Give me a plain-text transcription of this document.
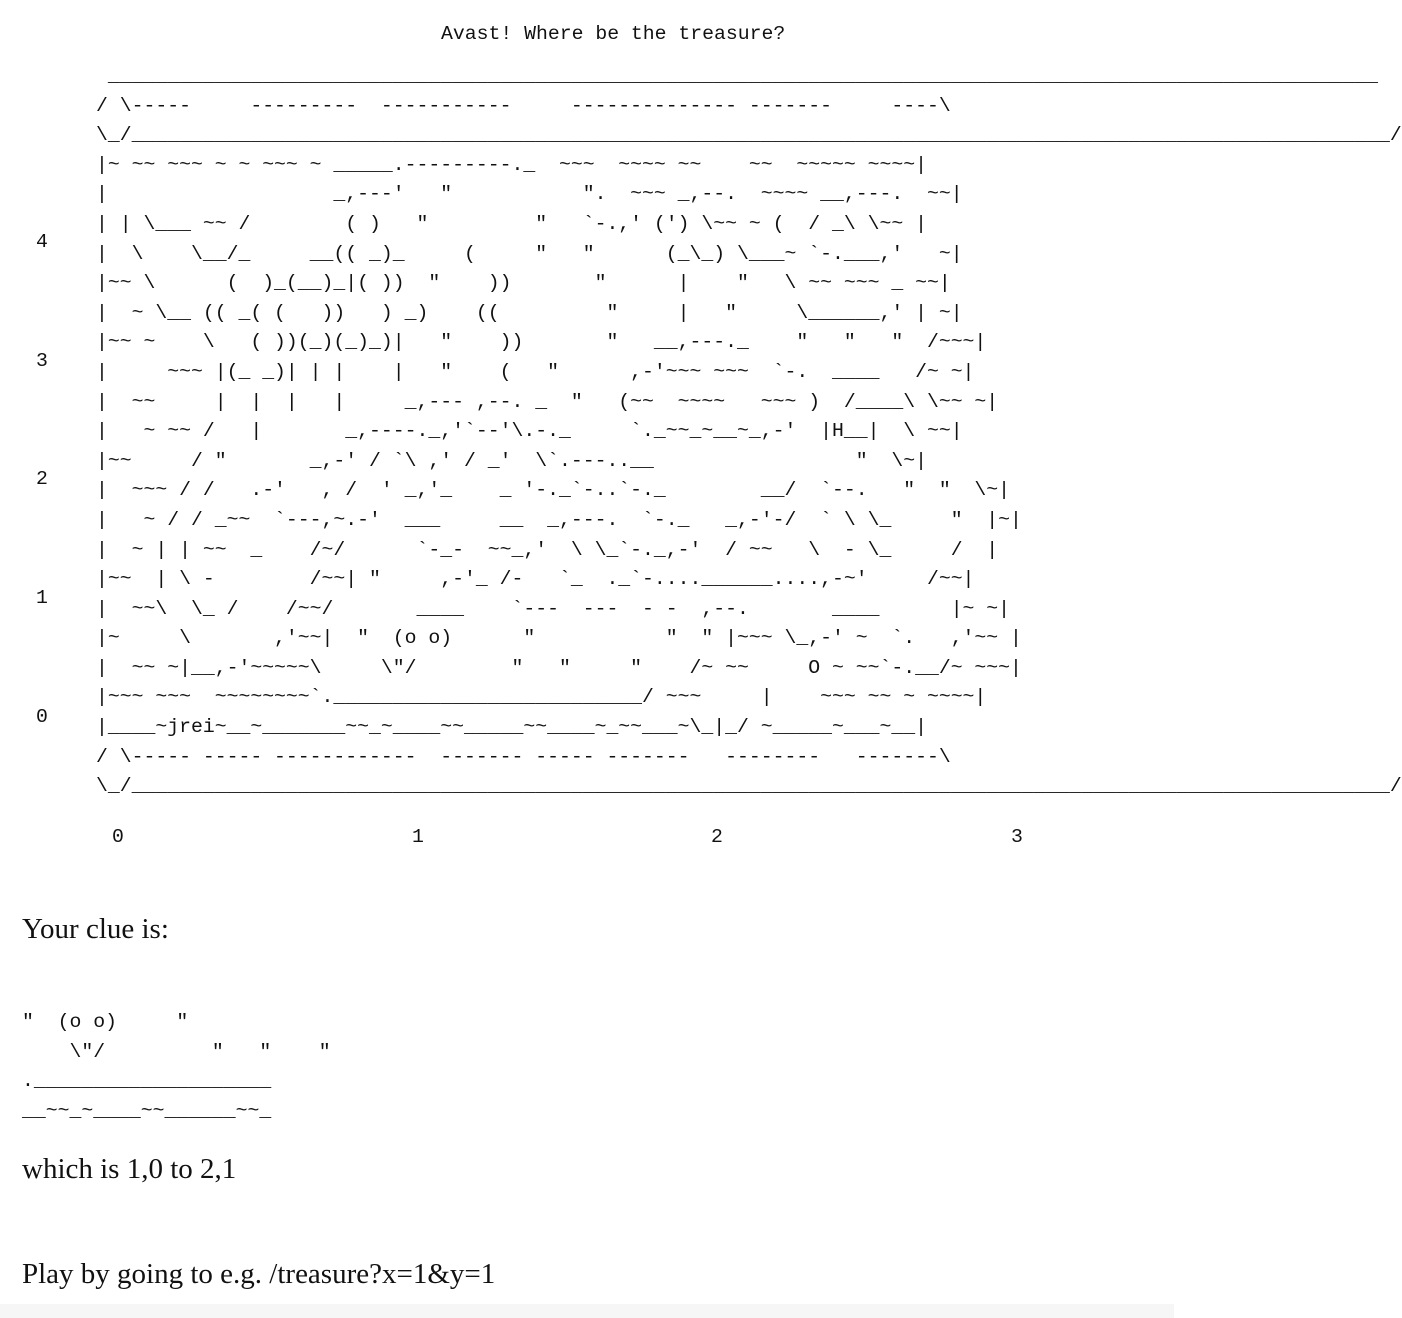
Avast! Where be the treasure?
___________________________________________________________________________________________________________
/ \-----     ---------  -----------     -------------- -------     ----\
\_/__________________________________________________________________________________________________________/
|~ ~~ ~~~ ~ ~ ~~~ ~ _____.---------._  ~~~  ~~~~ ~~    ~~  ~~~~~ ~~~~|
|                   _,---'   "           ".  ~~~ _,--.  ~~~~ __,---.  ~~|
| | \___ ~~ /        ( )   "         "   `-.,' (') \~~ ~ (  / _\ \~~ |
|  \    \__/_     __(( _)_     (     "   "      (_\_) \___~ `-.___,'   ~|
|~~ \      (  )_(__)_|( ))  "    ))       "      |    "   \ ~~ ~~~ _ ~~|
|  ~ \__ (( _( (   ))   ) _)    ((         "     |   "     \______,' | ~|
|~~ ~    \   ( ))(_)(_)_)|   "    ))       "   __,---._    "   "   "  /~~~|
|     ~~~ |(_ _)| | |    |   "    (   "      ,-'~~~ ~~~  `-.  ____   /~ ~|
|  ~~     |  |  |   |     _,--- ,--. _  "   (~~  ~~~~   ~~~ )  /____\ \~~ ~|
|   ~ ~~ /   |       _,----._,'`--'\.-._     `._~~_~__~_,-'  |H__|  \ ~~|
|~~     / "       _,-' / `\ ,' / _'  \`.---..__                 "  \~|
|  ~~~ / /   .-'   , /  ' _,'_    _ '-._`-..`-._        __/  `--.   "  "  \~|
|   ~ / / _~~  `---,~.-'  ___     __  _,---.  `-._   _,-'-/  ` \ \_     "  |~|
|  ~ | | ~~  _    /~/      `-_-  ~~_,'  \ \_`-._,-'  / ~~   \  - \_     /  |
|~~  | \ -        /~~| "     ,-'_ /-   `_  ._`-....______....,-~'     /~~|
|  ~~\  \_ /    /~~/       ____    `---  ---  - -  ,--.       ____      |~ ~|
|~     \       ,'~~|  "  (o o)      "           "  " |~~~ \_,-' ~  `.   ,'~~ |
|  ~~ ~|__,-'~~~~~\     \"/        "   "     "    /~ ~~     O ~ ~~`-.__/~ ~~~|
|~~~ ~~~  ~~~~~~~~`.__________________________/ ~~~     |    ~~~ ~~ ~ ~~~~|
|____~jrei~__~_______~~_~____~~_____~~____~_~~___~\_|_/ ~_____~___~__|
/ \----- ----- ------------  ------- ----- -------   --------   -------\
\_/__________________________________________________________________________________________________________/
4
3
2
1
0
0	1	2	3
Your clue is:
"  (o o)     "
\"/         "   "    "
.____________________
__~~_~____~~______~~_
which is 1,0 to 2,1
Play by going to e.g. /treasure?x=1&y=1
